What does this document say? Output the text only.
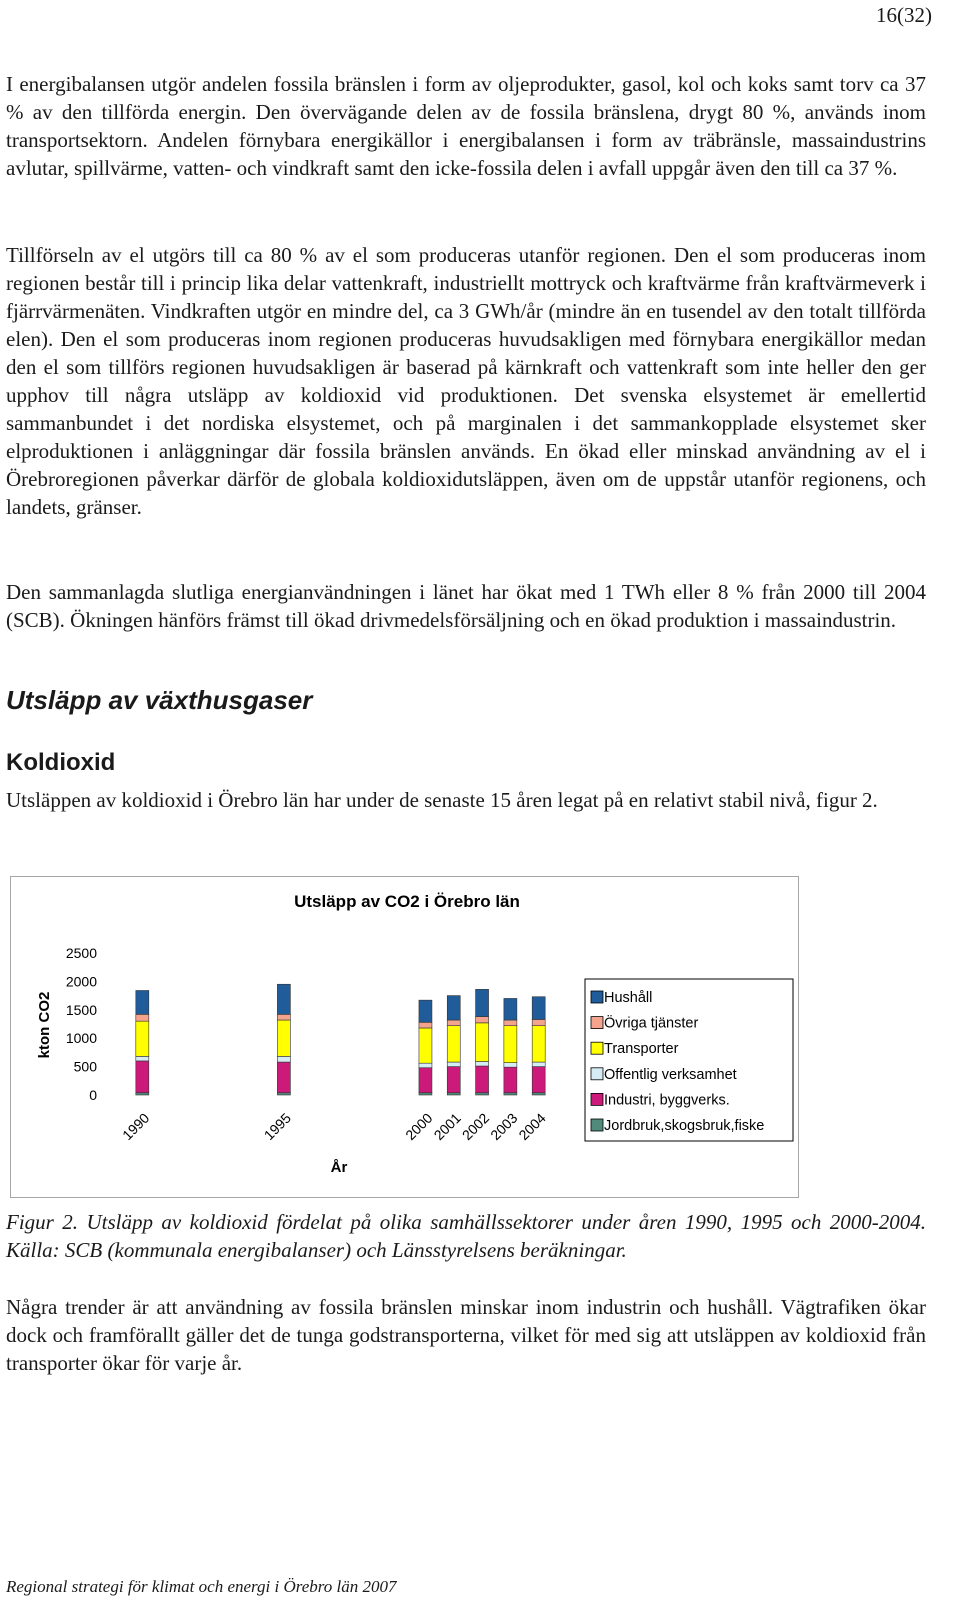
16(32)

I energibalansen utgör andelen fossila bränslen i form av oljeprodukter, gasol, kol och koks samt torv ca 37 % av den tillförda energin. Den övervägande delen av de fossila bränslena, drygt 80 %, används inom transportsektorn. Andelen förnybara energikällor i energibalansen i form av träbränsle, massaindustrins avlutar, spillvärme, vatten- och vindkraft samt den icke-fossila delen i avfall uppgår även den till ca 37 %.

Tillförseln av el utgörs till ca 80 % av el som produceras utanför regionen. Den el som produceras inom regionen består till i princip lika delar vattenkraft, industriellt mottryck och kraftvärme från kraftvärmeverk i fjärrvärmenäten. Vindkraften utgör en mindre del, ca 3 GWh/år (mindre än en tusendel av den totalt tillförda elen). Den el som produceras inom regionen produceras huvudsakligen med förnybara energikällor medan den el som tillförs regionen huvudsakligen är baserad på kärnkraft och vattenkraft som inte heller den ger upphov till några utsläpp av koldioxid vid produktionen. Det svenska elsystemet är emellertid sammanbundet i det nordiska elsystemet, och på marginalen i det sammankopplade elsystemet sker elproduktionen i anläggningar där fossila bränslen används. En ökad eller minskad användning av el i Örebroregionen påverkar därför de globala koldioxidutsläppen, även om de uppstår utanför regionens, och landets, gränser.

Den sammanlagda slutliga energianvändningen i länet har ökat med 1 TWh eller 8 % från 2000 till 2004 (SCB). Ökningen hänförs främst till ökad drivmedelsförsäljning och en ökad produktion i massaindustrin.

Utsläpp av växthusgaser
Koldioxid

Utsläppen av koldioxid i Örebro län har under de senaste 15 åren legat på en relativt stabil nivå, figur 2.

Utsläpp av CO2 i Örebro län
kton CO2
År
0
500
1000
1500
2000
2500
1990	1995	2000
2001
2002
2003
2004
Hushåll
Övriga tjänster
Transporter
Offentlig verksamhet
Industri, byggverks.
Jordbruk,skogsbruk,fiske

Figur 2. Utsläpp av koldioxid fördelat på olika samhällssektorer under åren 1990, 1995 och 2000-2004. Källa: SCB (kommunala energibalanser) och Länsstyrelsens beräkningar.

Några trender är att användning av fossila bränslen minskar inom industrin och hushåll. Vägtrafiken ökar dock och framförallt gäller det de tunga godstransporterna, vilket för med sig att utsläppen av koldioxid från transporter ökar för varje år.

Regional strategi för klimat och energi i Örebro län 2007
